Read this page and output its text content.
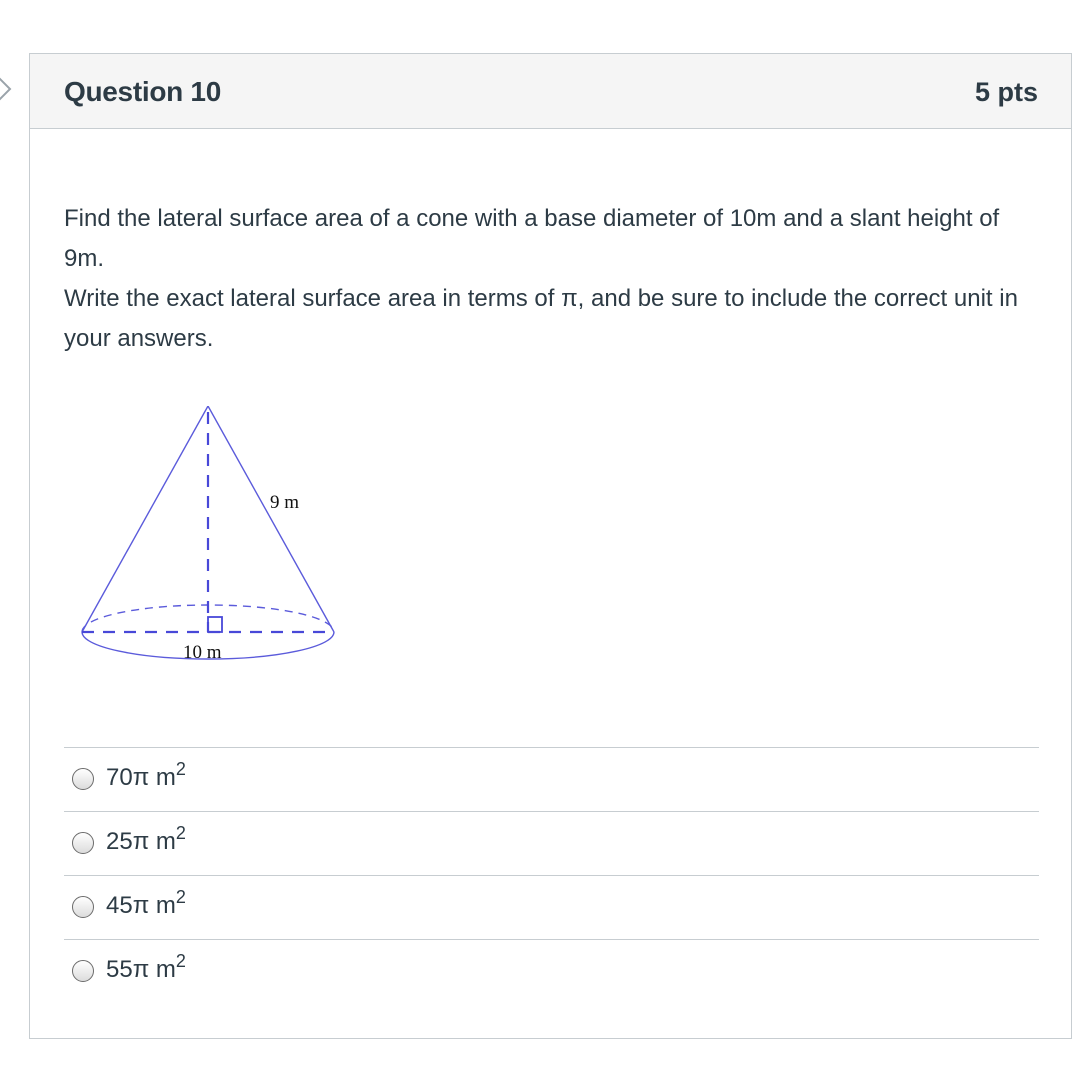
Question 10	5 pts

Find the lateral surface area of a cone with a base diameter of 10m and a slant height of 9m.

Write the exact lateral surface area in terms of π, and be sure to include the correct unit in your answers.

9 m
10 m
70π $m^2$
25π $m^2$
45π $m^2$
55π $m^2$
